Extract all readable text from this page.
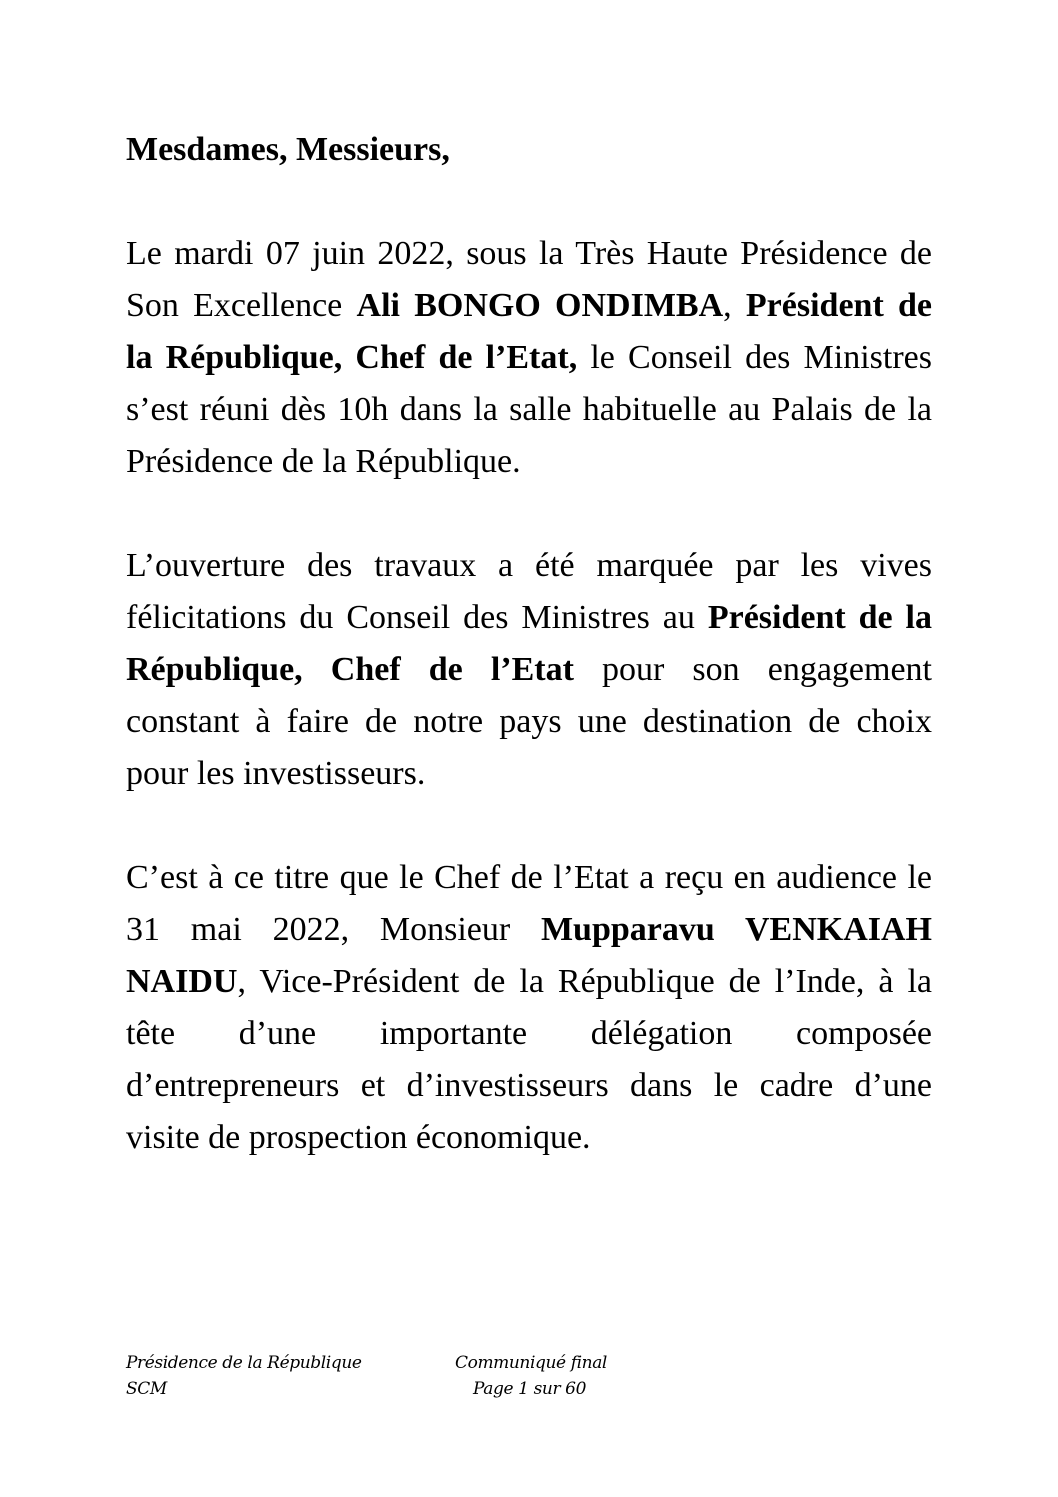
Mesdames, Messieurs,

Le mardi 07 juin 2022, sous la Très Haute Présidence de Son Excellence Ali BONGO ONDIMBA, Président de la République, Chef de l’Etat, le Conseil des Ministres s’est réuni dès 10h dans la salle habituelle au Palais de la Présidence de la République.

L’ouverture des travaux a été marquée par les vives félicitations du Conseil des Ministres au Président de la République, Chef de l’Etat pour son engagement constant à faire de notre pays une destination de choix pour les investisseurs.

C’est à ce titre que le Chef de l’Etat a reçu en audience le 31 mai 2022, Monsieur Mupparavu VENKAIAH NAIDU, Vice-Président de la République de l’Inde, à la tête d’une importante délégation composée d’entrepreneurs et d’investisseurs dans le cadre d’une visite de prospection économique.

Présidence de la République
SCM
Communiqué final
Page 1 sur 60
